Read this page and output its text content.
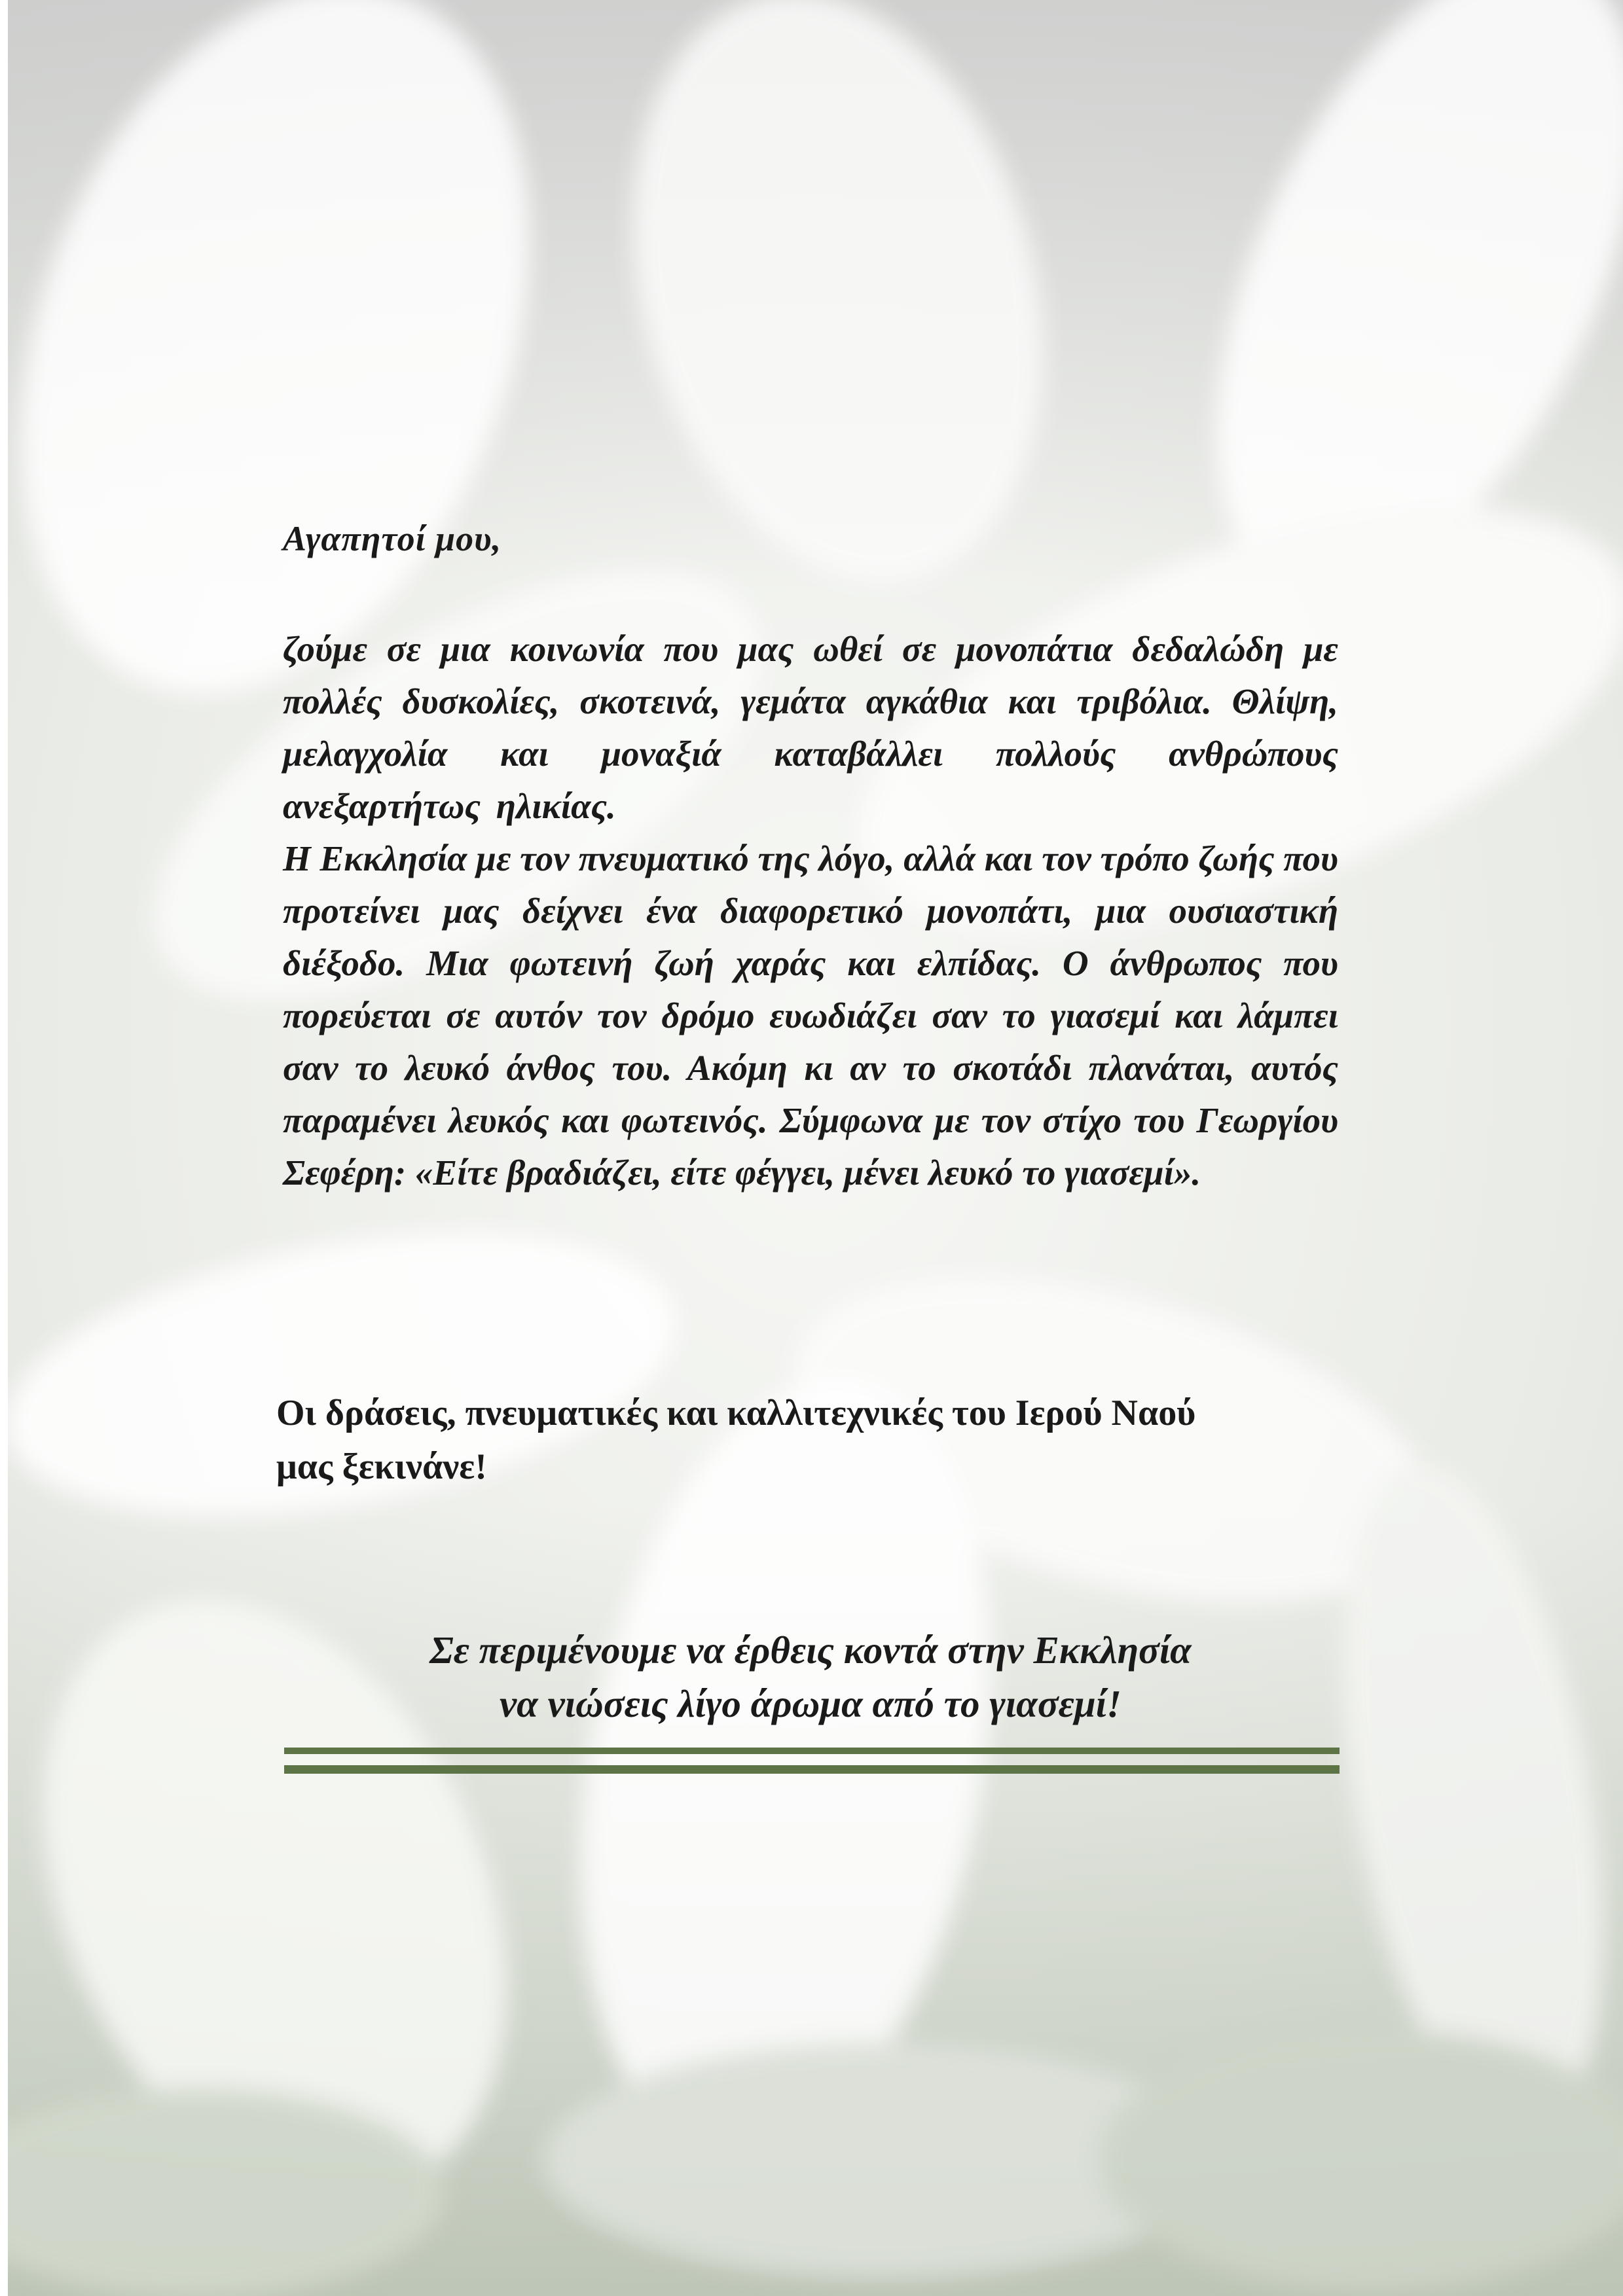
Αγαπητοί μου,

ζούμε σε μια κοινωνία που μας ωθεί σε μονοπάτια δεδαλώδη με πολλές δυσκολίες, σκοτεινά, γεμάτα αγκάθια και τριβόλια. Θλίψη, μελαγχολία και μοναξιά καταβάλλει πολλούς ανθρώπους ανεξαρτήτως ηλικίας.

Η Εκκλησία με τον πνευματικό της λόγο, αλλά και τον τρόπο ζωής που προτείνει μας δείχνει ένα διαφορετικό μονοπάτι, μια ουσιαστική διέξοδο. Μια φωτεινή ζωή χαράς και ελπίδας. Ο άνθρωπος που πορεύεται σε αυτόν τον δρόμο ευωδιάζει σαν το γιασεμί και λάμπει σαν το λευκό άνθος του. Ακόμη κι αν το σκοτάδι πλανάται, αυτός παραμένει λευκός και φωτεινός. Σύμφωνα με τον στίχο του Γεωργίου Σεφέρη: «Είτε βραδιάζει, είτε φέγγει, μένει λευκό το γιασεμί».

Οι δράσεις, πνευματικές και καλλιτεχνικές του Ιερού Ναού
μας ξεκινάνε!
Σε περιμένουμε να έρθεις κοντά στην Εκκλησία
να νιώσεις λίγο άρωμα από το γιασεμί!
